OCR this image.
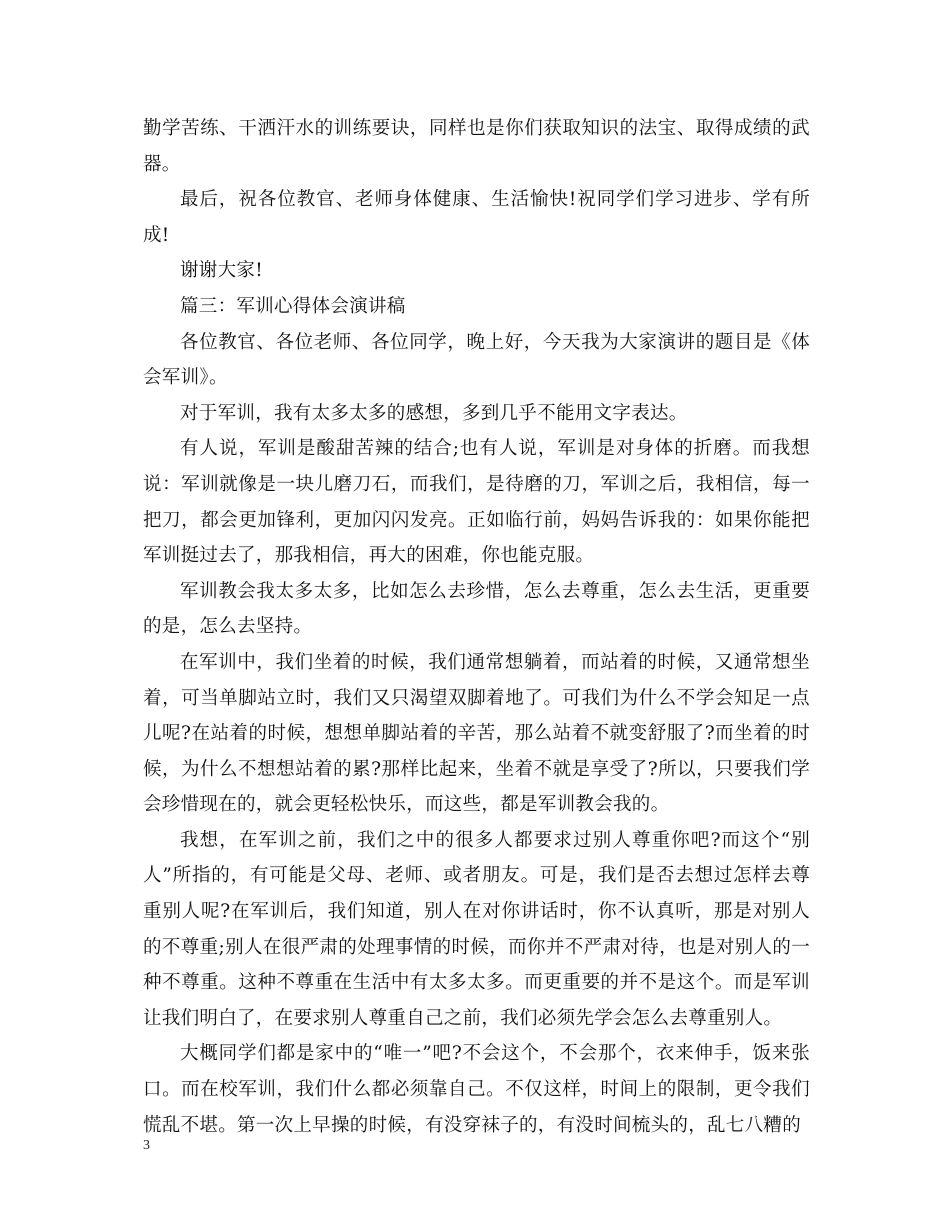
勤学苦练、干洒汗水的训练要诀，同样也是你们获取知识的法宝、取得成绩的武器。

最后，祝各位教官、老师身体健康、生活愉快!祝同学们学习进步、学有所成!

谢谢大家!

篇三：军训心得体会演讲稿

各位教官、各位老师、各位同学，晚上好，今天我为大家演讲的题目是《体会军训》。

对于军训，我有太多太多的感想，多到几乎不能用文字表达。

有人说，军训是酸甜苦辣的结合;也有人说，军训是对身体的折磨。而我想说：军训就像是一块儿磨刀石，而我们，是待磨的刀，军训之后，我相信，每一把刀，都会更加锋利，更加闪闪发亮。正如临行前，妈妈告诉我的：如果你能把军训挺过去了，那我相信，再大的困难，你也能克服。

军训教会我太多太多，比如怎么去珍惜，怎么去尊重，怎么去生活，更重要的是，怎么去坚持。

在军训中，我们坐着的时候，我们通常想躺着，而站着的时候，又通常想坐着，可当单脚站立时，我们又只渴望双脚着地了。可我们为什么不学会知足一点儿呢?在站着的时候，想想单脚站着的辛苦，那么站着不就变舒服了?而坐着的时候，为什么不想想站着的累?那样比起来，坐着不就是享受了?所以，只要我们学会珍惜现在的，就会更轻松快乐，而这些，都是军训教会我的。

我想，在军训之前，我们之中的很多人都要求过别人尊重你吧?而这个“别人”所指的，有可能是父母、老师、或者朋友。可是，我们是否去想过怎样去尊重别人呢?在军训后，我们知道，别人在对你讲话时，你不认真听，那是对别人的不尊重;别人在很严肃的处理事情的时候，而你并不严肃对待，也是对别人的一种不尊重。这种不尊重在生活中有太多太多。而更重要的并不是这个。而是军训让我们明白了，在要求别人尊重自己之前，我们必须先学会怎么去尊重别人。

大概同学们都是家中的“唯一”吧?不会这个，不会那个，衣来伸手，饭来张口。而在校军训，我们什么都必须靠自己。不仅这样，时间上的限制，更令我们慌乱不堪。第一次上早操的时候，有没穿袜子的，有没时间梳头的，乱七八糟的

3
